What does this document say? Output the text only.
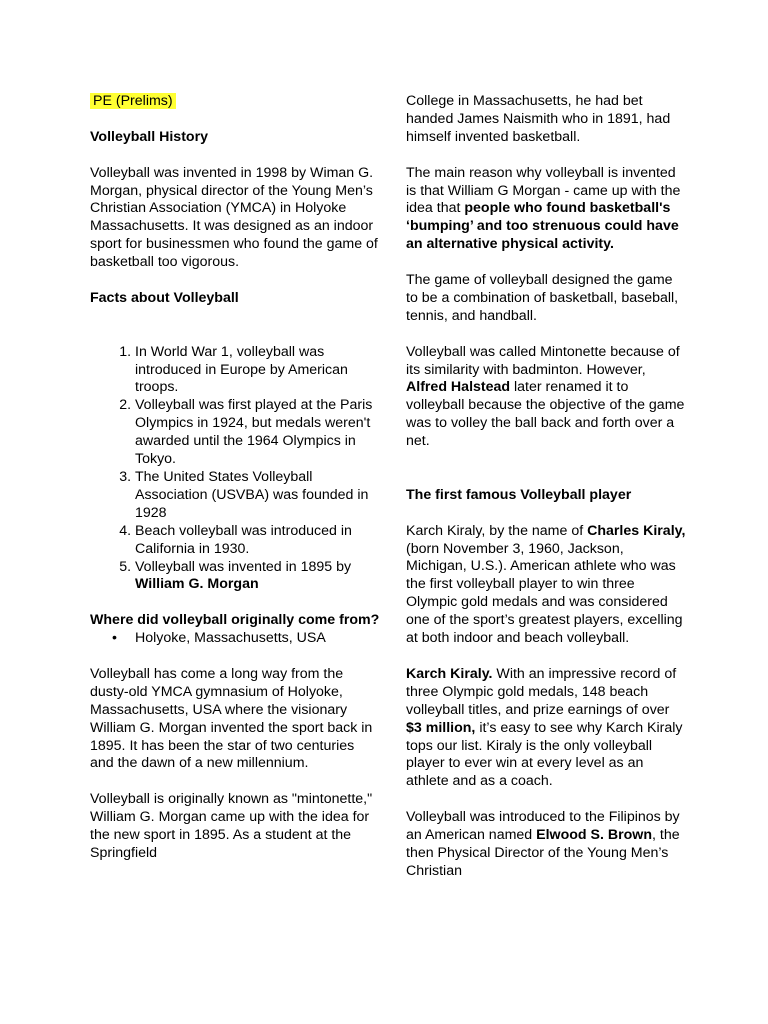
PE (Prelims)

Volleyball History

Volleyball was invented in 1998 by Wiman G. Morgan, physical director of the Young Men’s Christian Association (YMCA) in Holyoke Massachusetts. It was designed as an indoor sport for businessmen who found the game of basketball too vigorous.

Facts about Volleyball

1. In World War 1, volleyball was introduced in Europe by American troops.
2. Volleyball was first played at the Paris Olympics in 1924, but medals weren't awarded until the 1964 Olympics in Tokyo.
3. The United States Volleyball Association (USVBA) was founded in 1928
4. Beach volleyball was introduced in California in 1930.
5. Volleyball was invented in 1895 by William G. Morgan

Where did volleyball originally come from?

• Holyoke, Massachusetts, USA

Volleyball has come a long way from the dusty-old YMCA gymnasium of Holyoke, Massachusetts, USA where the visionary William G. Morgan invented the sport back in 1895. It has been the star of two centuries and the dawn of a new millennium.

Volleyball is originally known as "mintonette," William G. Morgan came up with the idea for the new sport in 1895. As a student at the Springfield

College in Massachusetts, he had bet handed James Naismith who in 1891, had himself invented basketball.

The main reason why volleyball is invented is that William G Morgan - came up with the idea that people who found basketball's ‘bumping’ and too strenuous could have an alternative physical activity.

The game of volleyball designed the game to be a combination of basketball, baseball, tennis, and handball.

Volleyball was called Mintonette because of its similarity with badminton. However, Alfred Halstead later renamed it to volleyball because the objective of the game was to volley the ball back and forth over a net.

The first famous Volleyball player

Karch Kiraly, by the name of Charles Kiraly, (born November 3, 1960, Jackson, Michigan, U.S.). American athlete who was the first volleyball player to win three Olympic gold medals and was considered one of the sport’s greatest players, excelling at both indoor and beach volleyball.

Karch Kiraly. With an impressive record of three Olympic gold medals, 148 beach volleyball titles, and prize earnings of over $3 million, it’s easy to see why Karch Kiraly tops our list. Kiraly is the only volleyball player to ever win at every level as an athlete and as a coach.

Volleyball was introduced to the Filipinos by an American named Elwood S. Brown, the then Physical Director of the Young Men’s Christian
